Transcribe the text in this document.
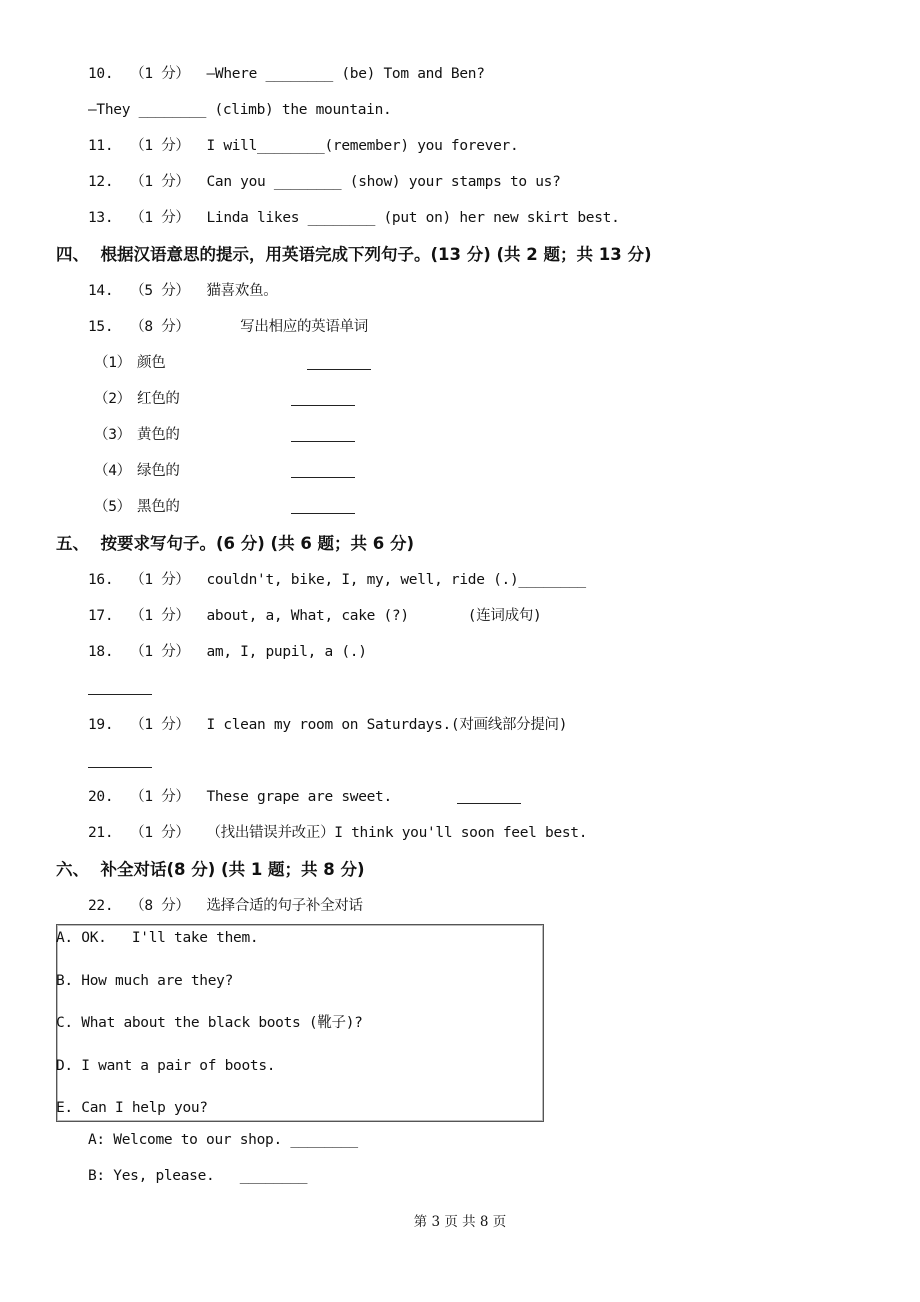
10.  （1 分）  —Where ________ (be) Tom and Ben?
—They ________ (climb) the mountain.
11.  （1 分）  I will________(remember) you forever.
12.  （1 分）  Can you ________ (show) your stamps to us?
13.  （1 分）  Linda likes ________ (put on) her new skirt best.
四、  根据汉语意思的提示，用英语完成下列句子。(13 分) (共 2 题；共 13 分)
14.  （5 分）  猫喜欢鱼。
15.  （8 分）      写出相应的英语单词
（1） 颜色
（2） 红色的
（3） 黄色的
（4） 绿色的
（5） 黑色的
五、  按要求写句子。(6 分) (共 6 题；共 6 分)
16.  （1 分）  couldn't, bike, I, my, well, ride (.)________
17.  （1 分）  about, a, What, cake (?)       (连词成句)
18.  （1 分）  am, I, pupil, a (.)
19.  （1 分）  I clean my room on Saturdays.(对画线部分提问)
20.  （1 分）  These grape are sweet.
21.  （1 分）  （找出错误并改正）I think you'll soon feel best.
六、  补全对话(8 分) (共 1 题；共 8 分)
22.  （8 分）  选择合适的句子补全对话
A. OK.   I'll take them.
B. How much are they?
C. What about the black boots (靴子)?
D. I want a pair of boots.
E. Can I help you?
A: Welcome to our shop. ________
B: Yes, please.   ________
第 3 页 共 8 页
